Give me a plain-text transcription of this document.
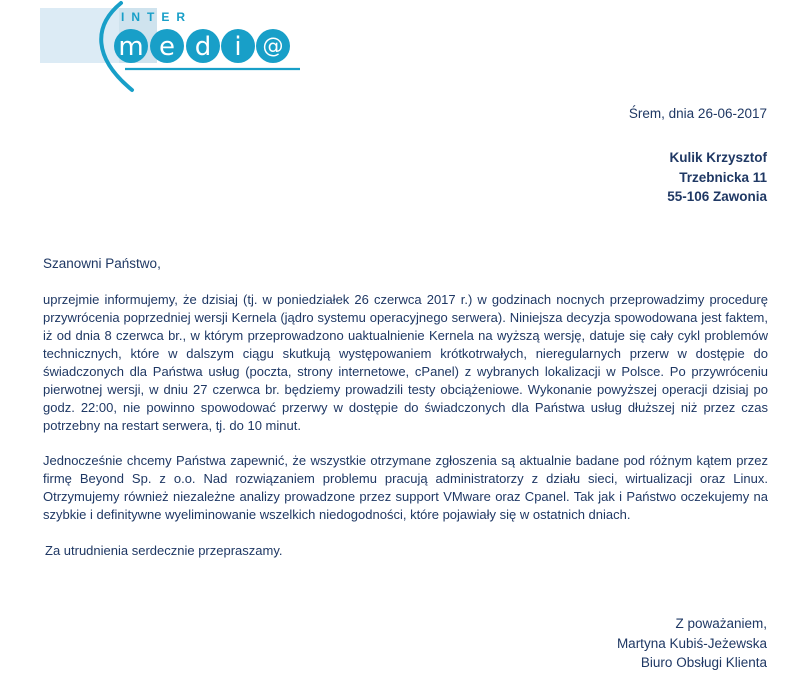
INTER
m e d i @
Śrem, dnia 26-06-2017
Kulik Krzysztof
Trzebnicka 11
55-106 Zawonia
Szanowni Państwo,
uprzejmie informujemy, że dzisiaj (tj. w poniedziałek 26 czerwca 2017 r.) w godzinach nocnych przeprowadzimy procedurę przywrócenia poprzedniej wersji Kernela (jądro systemu operacyjnego serwera). Niniejsza decyzja spowodowana jest faktem, iż od dnia 8 czerwca br., w którym przeprowadzono uaktualnienie Kernela na wyższą wersję, datuje się cały cykl problemów technicznych, które w dalszym ciągu skutkują występowaniem krótkotrwałych, nieregularnych przerw w dostępie do świadczonych dla Państwa usług (poczta, strony internetowe, cPanel) z wybranych lokalizacji w Polsce. Po przywróceniu pierwotnej wersji, w dniu 27 czerwca br. będziemy prowadzili testy obciążeniowe. Wykonanie powyższej operacji dzisiaj po godz. 22:00, nie powinno spowodować przerwy w dostępie do świadczonych dla Państwa usług dłuższej niż przez czas potrzebny na restart serwera, tj. do 10 minut.
Jednocześnie chcemy Państwa zapewnić, że wszystkie otrzymane zgłoszenia są aktualnie badane pod różnym kątem przez firmę Beyond Sp. z o.o. Nad rozwiązaniem problemu pracują administratorzy z działu sieci, wirtualizacji oraz Linux. Otrzymujemy również niezależne analizy prowadzone przez support VMware oraz Cpanel. Tak jak i Państwo oczekujemy na szybkie i definitywne wyeliminowanie wszelkich niedogodności, które pojawiały się w ostatnich dniach.
Za utrudnienia serdecznie przepraszamy.
Z poważaniem,
Martyna Kubiś-Jeżewska
Biuro Obsługi Klienta
